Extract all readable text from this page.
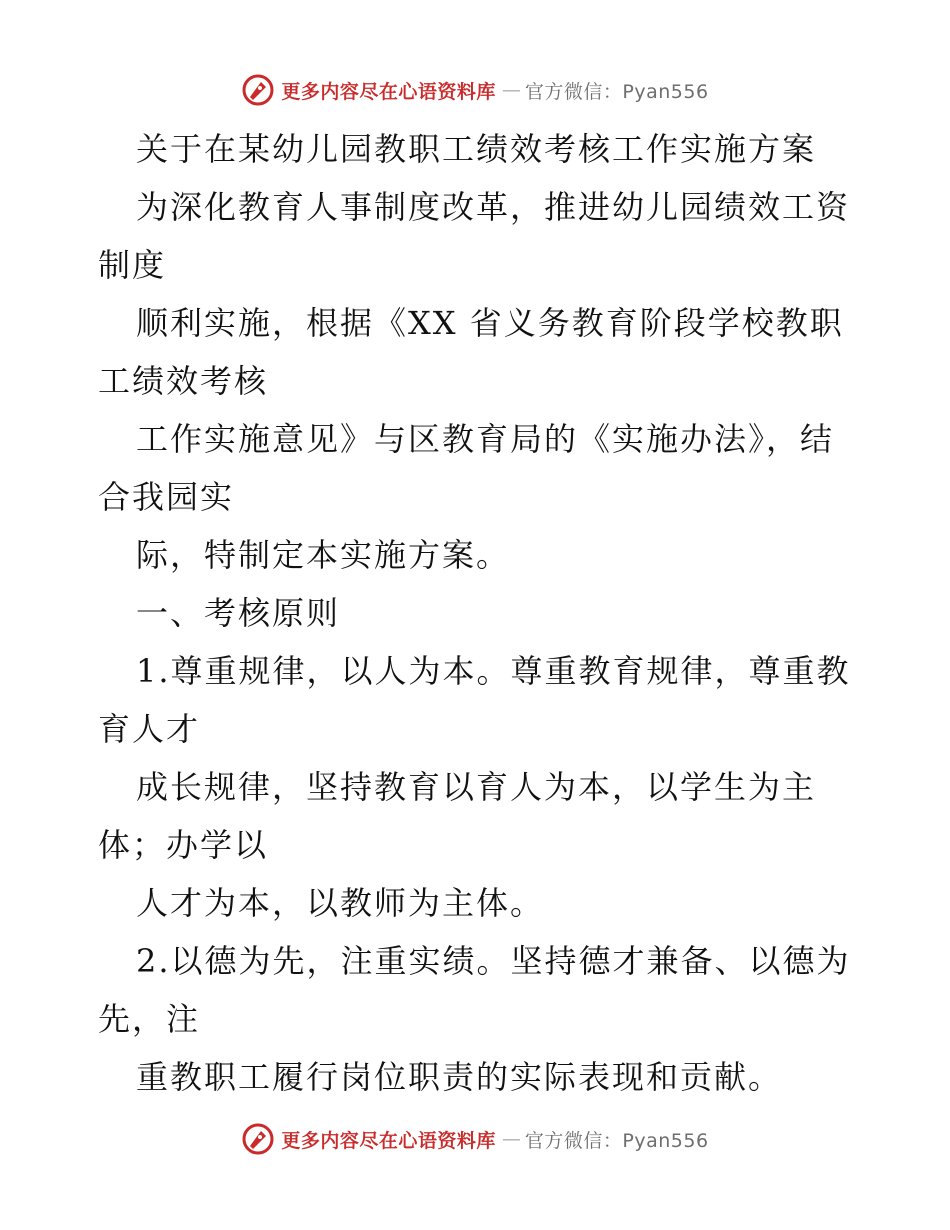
更多内容尽在心语资料库 — 官方微信：Pyan556

关于在某幼儿园教职工绩效考核工作实施方案

为深化教育人事制度改革，推进幼儿园绩效工资制度

顺利实施，根据《XX 省义务教育阶段学校教职工绩效考核

工作实施意见》与区教育局的《实施办法》，结合我园实

际，特制定本实施方案。

一、考核原则

1.尊重规律，以人为本。尊重教育规律，尊重教育人才

成长规律，坚持教育以育人为本，以学生为主体；办学以

人才为本，以教师为主体。

2.以德为先，注重实绩。坚持德才兼备、以德为先，注

重教职工履行岗位职责的实际表现和贡献。

更多内容尽在心语资料库 — 官方微信：Pyan556
